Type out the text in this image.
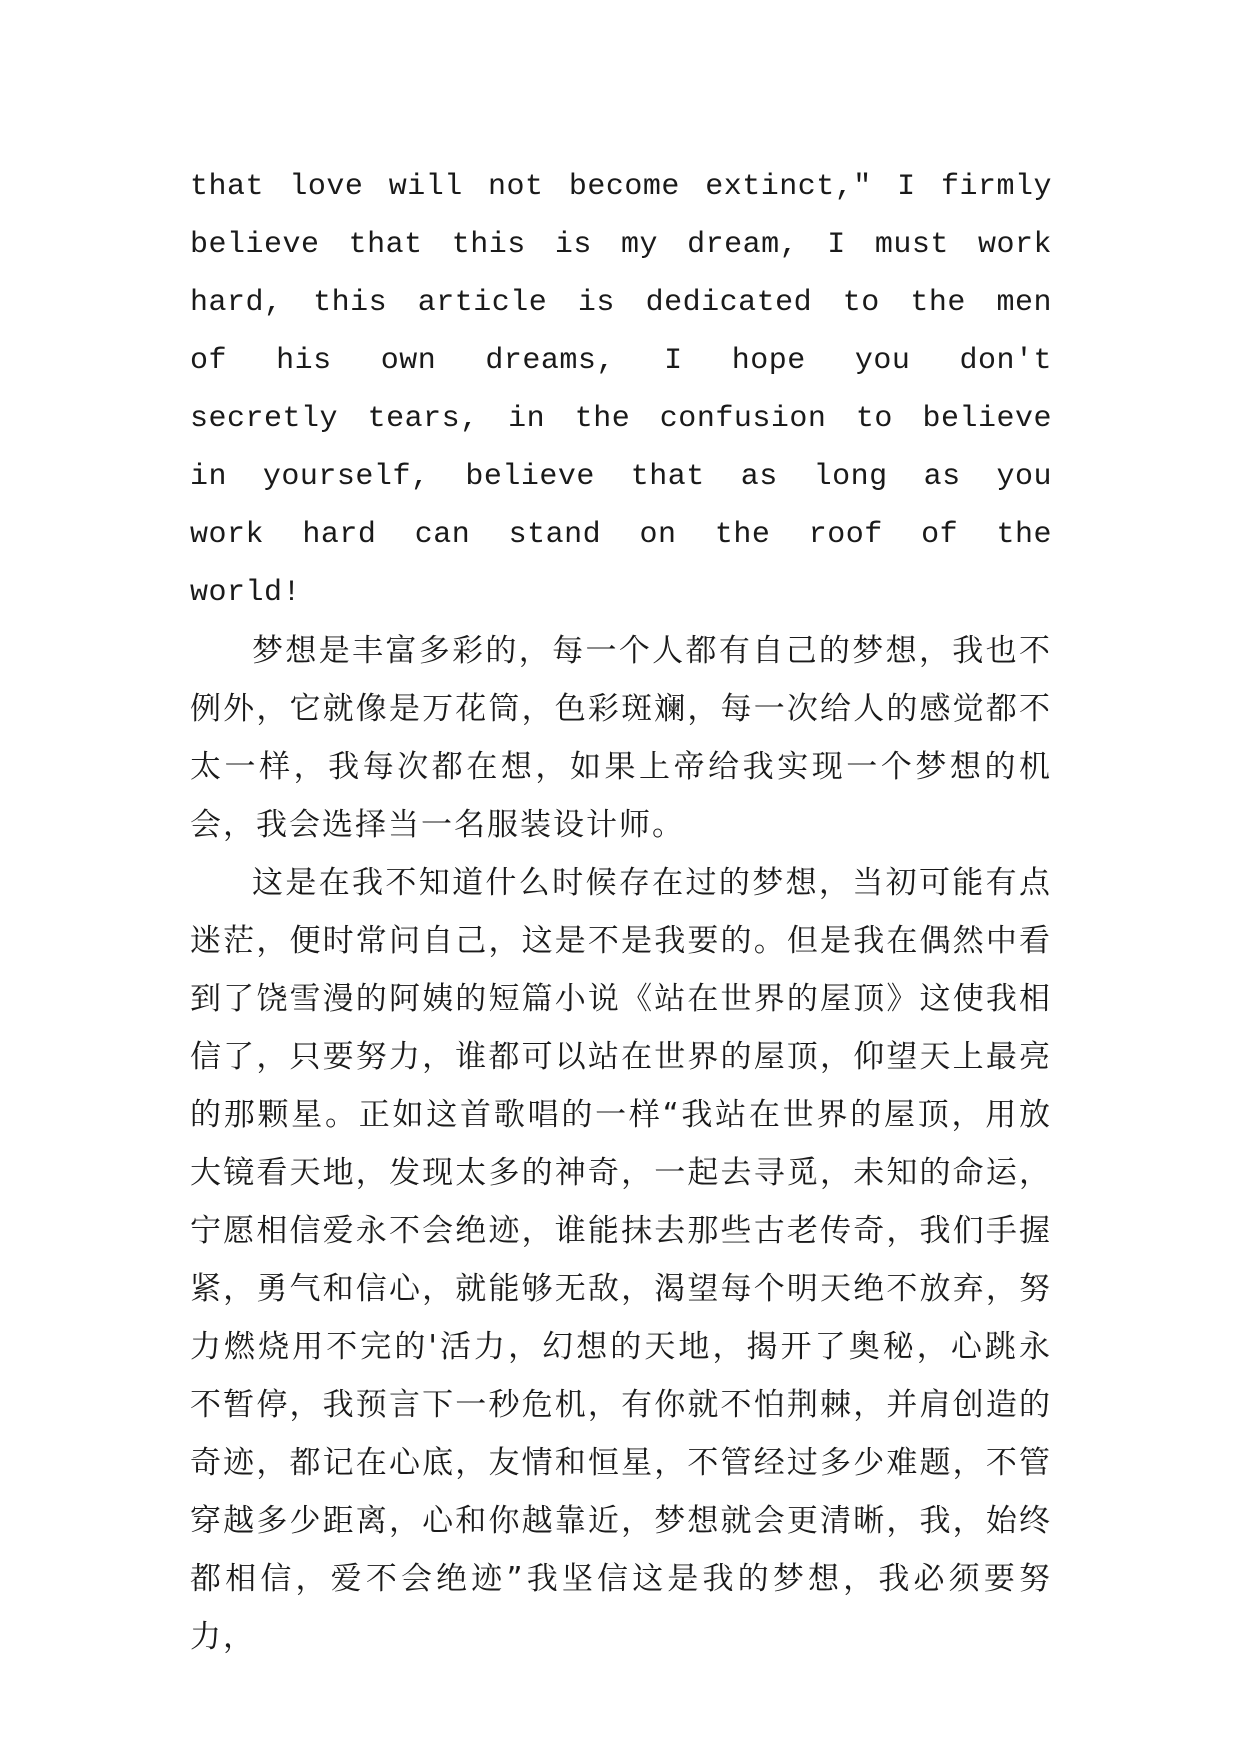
that love will not become extinct," I firmly believe that this is my dream, I must work hard, this article is dedicated to the men of his own dreams, I hope you don't secretly tears, in the confusion to believe in yourself, believe that as long as you work hard can stand on the roof of the world!

梦想是丰富多彩的，每一个人都有自己的梦想，我也不例外，它就像是万花筒，色彩斑斓，每一次给人的感觉都不太一样，我每次都在想，如果上帝给我实现一个梦想的机会，我会选择当一名服装设计师。

这是在我不知道什么时候存在过的梦想，当初可能有点迷茫，便时常问自己，这是不是我要的。但是我在偶然中看到了饶雪漫的阿姨的短篇小说《站在世界的屋顶》这使我相信了，只要努力，谁都可以站在世界的屋顶，仰望天上最亮的那颗星。正如这首歌唱的一样“我站在世界的屋顶，用放大镜看天地，发现太多的神奇，一起去寻觅，未知的命运，宁愿相信爱永不会绝迹，谁能抹去那些古老传奇，我们手握紧，勇气和信心，就能够无敌，渴望每个明天绝不放弃，努力燃烧用不完的'活力，幻想的天地，揭开了奥秘，心跳永不暂停，我预言下一秒危机，有你就不怕荆棘，并肩创造的奇迹，都记在心底，友情和恒星，不管经过多少难题，不管穿越多少距离，心和你越靠近，梦想就会更清晰，我，始终都相信，爱不会绝迹”我坚信这是我的梦想，我必须要努力，
